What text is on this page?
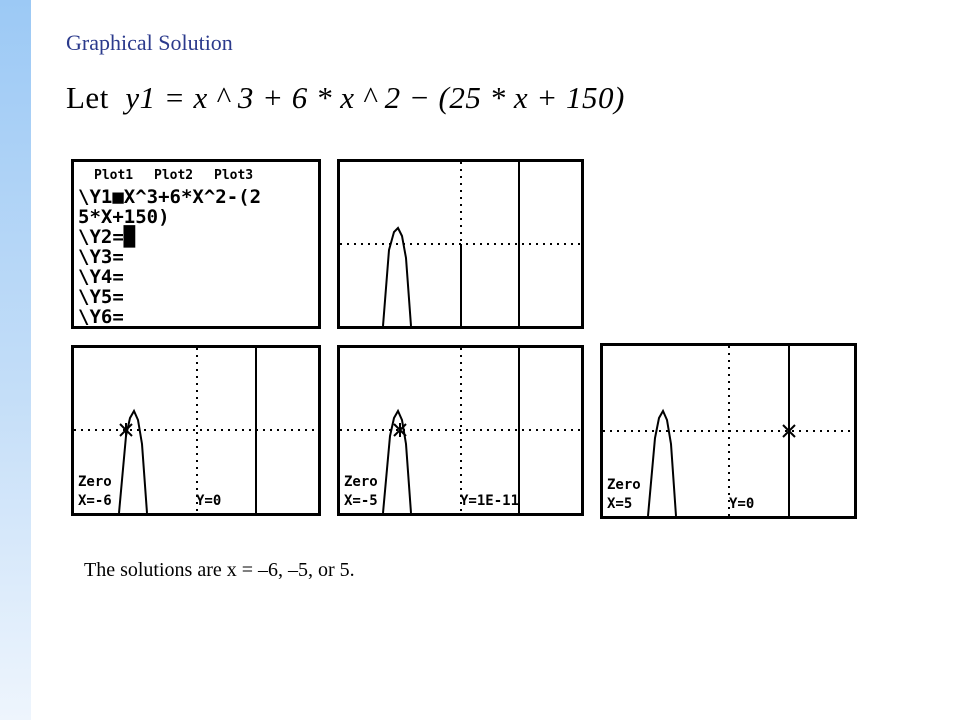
Graphical Solution
Let y1 = x ^ 3 + 6 * x ^ 2 − (25 * x + 150)
Plot1 Plot2 Plot3
\Y1■X^3+6*X^2-(2
5*X+150)
\Y2=█
\Y3=
\Y4=
\Y5=
\Y6=
Zero
X=-6	Y=0
Zero
X=-5	Y=1E-11
Zero
X=5	Y=0
The solutions are x = –6, –5, or 5.
